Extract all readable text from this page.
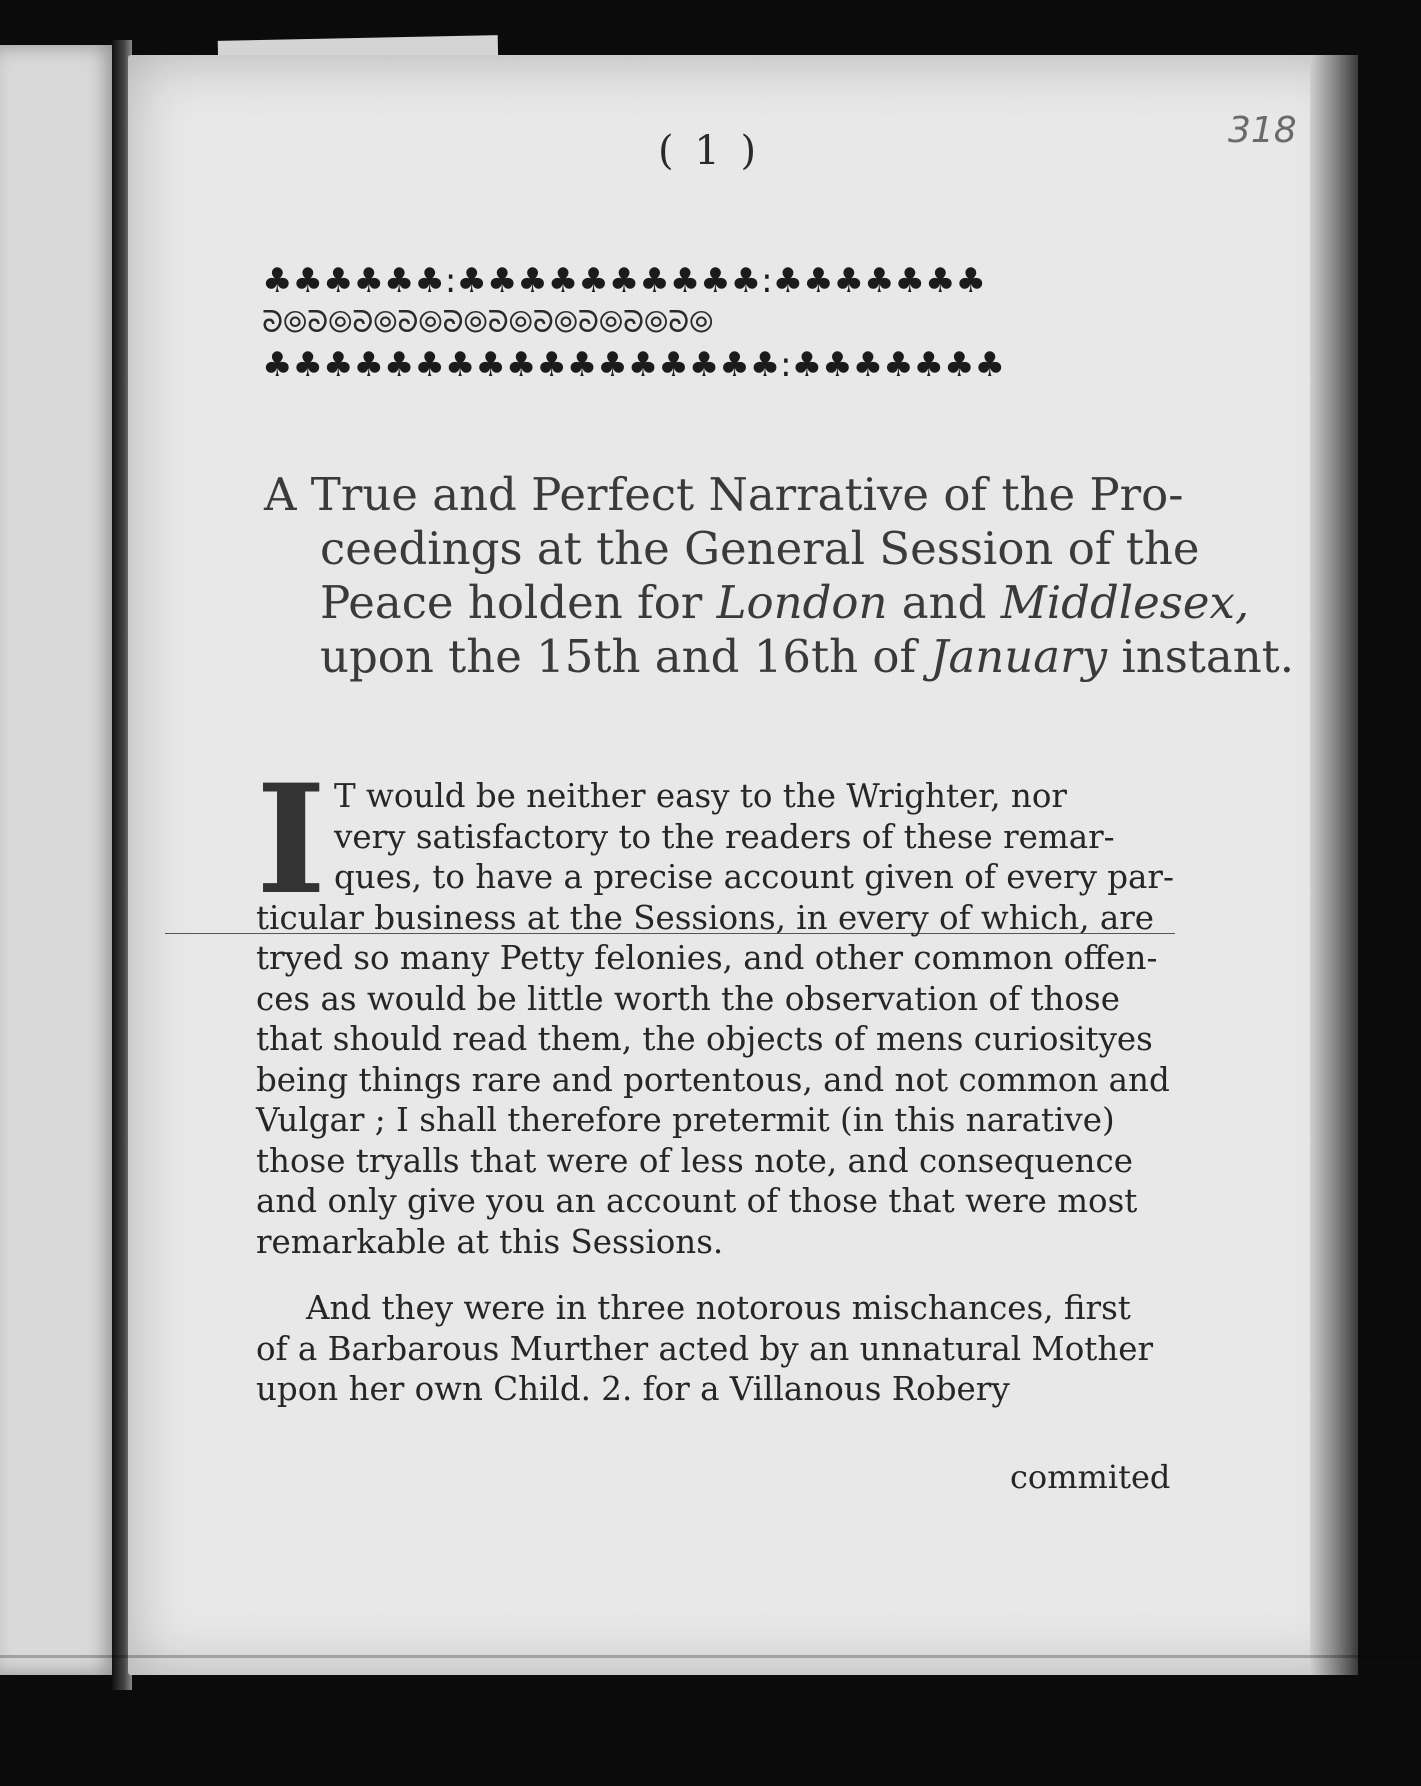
( 1 )	318
♣♣♣♣♣♣:♣♣♣♣♣♣♣♣♣♣:♣♣♣♣♣♣♣
ᘐ⦾ᘐ⦾ᘐ⦾ᘐ⦾ᘐ⦾ᘐ⦾ᘐ⦾ᘐ⦾ᘐ⦾ᘐ⦾
♣♣♣♣♣♣♣♣♣♣♣♣♣♣♣♣♣:♣♣♣♣♣♣♣
A True and Perfect Narrative of the Pro-
ceedings at the General Session of the
Peace holden for London and Middlesex,
upon the 15th and 16th of January instant.
I T would be neither easy to the Wrighter, nor
very satisfactory to the readers of these remar-
ques, to have a precise account given of every par-
ticular business at the Sessions, in every of which, are
tryed so many Petty felonies, and other common offen-
ces as would be little worth the observation of those
that should read them, the objects of mens curiosityes
being things rare and portentous, and not common and
Vulgar ; I shall therefore pretermit (in this narative)
those tryalls that were of less note, and consequence
and only give you an account of those that were most
remarkable at this Sessions.
And they were in three notorous mischances, first
of a Barbarous Murther acted by an unnatural Mother
upon her own Child. 2. for a Villanous Robery
commited
